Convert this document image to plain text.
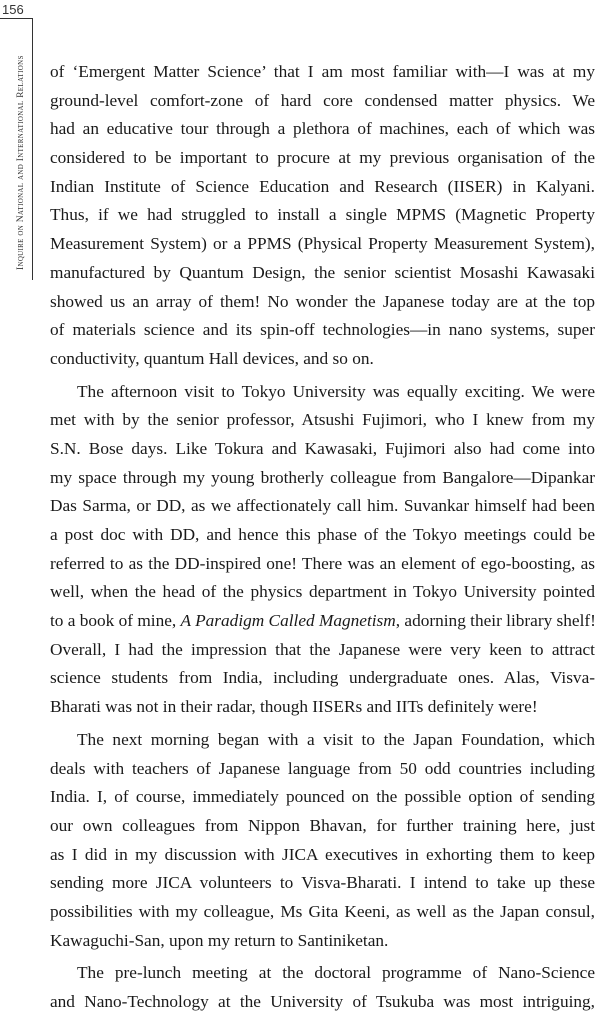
156
Inquire on National and International Relations of ‘Emergent Matter Science’ that I am most familiar with—I was at my
ground-level comfort-zone of hard core condensed matter physics. We
had an educative tour through a plethora of machines, each of which was
considered to be important to procure at my previous organisation of the
Indian Institute of Science Education and Research (IISER) in Kalyani.
Thus, if we had struggled to install a single MPMS (Magnetic Property
Measurement System) or a PPMS (Physical Property Measurement System),
manufactured by Quantum Design, the senior scientist Mosashi Kawasaki
showed us an array of them! No wonder the Japanese today are at the top
of materials science and its spin-off technologies—in nano systems, super
conductivity, quantum Hall devices, and so on.
The afternoon visit to Tokyo University was equally exciting. We were
met with by the senior professor, Atsushi Fujimori, who I knew from my
S.N. Bose days. Like Tokura and Kawasaki, Fujimori also had come into
my space through my young brotherly colleague from Bangalore—Dipankar
Das Sarma, or DD, as we affectionately call him. Suvankar himself had been
a post doc with DD, and hence this phase of the Tokyo meetings could be
referred to as the DD-inspired one! There was an element of ego-boosting, as
well, when the head of the physics department in Tokyo University pointed
to a book of mine, A Paradigm Called Magnetism, adorning their library shelf!
Overall, I had the impression that the Japanese were very keen to attract
science students from India, including undergraduate ones. Alas, Visva-
Bharati was not in their radar, though IISERs and IITs definitely were!
The next morning began with a visit to the Japan Foundation, which
deals with teachers of Japanese language from 50 odd countries including
India. I, of course, immediately pounced on the possible option of sending
our own colleagues from Nippon Bhavan, for further training here, just
as I did in my discussion with JICA executives in exhorting them to keep
sending more JICA volunteers to Visva-Bharati. I intend to take up these
possibilities with my colleague, Ms Gita Keeni, as well as the Japan consul,
Kawaguchi-San, upon my return to Santiniketan.
The pre-lunch meeting at the doctoral programme of Nano-Science
and Nano-Technology at the University of Tsukuba was most intriguing,
